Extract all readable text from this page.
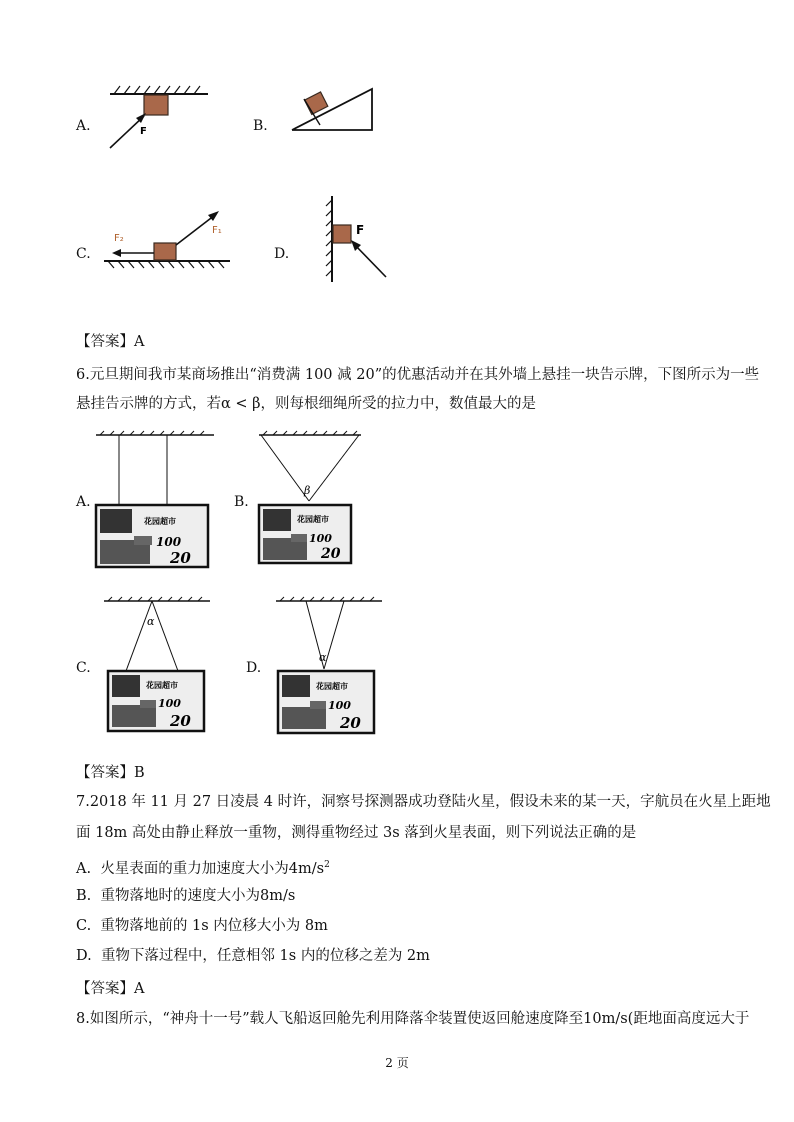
A.	F	B.
C.
F₁
F₂
D.
F
【答案】A
6.元旦期间我市某商场推出“消费满 100 减 20”的优惠活动并在其外墙上悬挂一块告示牌，下图所示为一些
悬挂告示牌的方式，若α < β，则每根细绳所受的拉力中，数值最大的是
A.
花园超市
100
20
B.
β
花园超市
100
20
C.
α
花园超市
100
20
D.
α
花园超市
100
20
【答案】B
7.2018 年 11 月 27 日凌晨 4 时许，洞察号探测器成功登陆火星，假设未来的某一天，字航员在火星上距地
面 18m 高处由静止释放一重物，测得重物经过 3s 落到火星表面，则下列说法正确的是
A. 火星表面的重力加速度大小为$4m/s^2$
B. 重物落地时的速度大小为8m/s
C. 重物落地前的 1s 内位移大小为 8m
D. 重物下落过程中，任意相邻 1s 内的位移之差为 2m
【答案】A
8.如图所示，“神舟十一号”载人飞船返回舱先利用降落伞装置使返回舱速度降至10m/s(距地面高度远大于
2 页
